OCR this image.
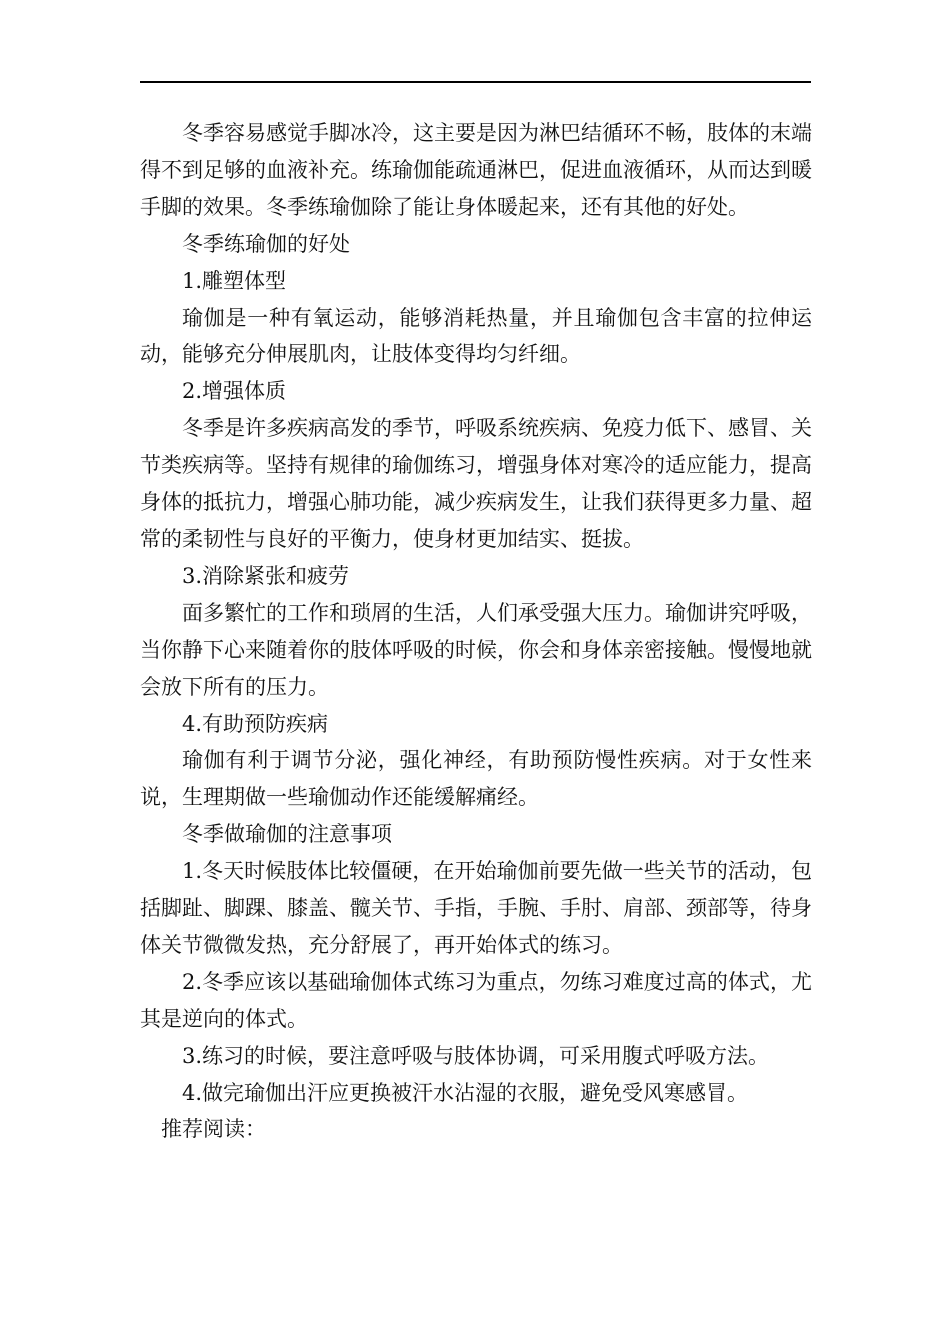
冬季容易感觉手脚冰冷，这主要是因为淋巴结循环不畅，肢体的末端得不到足够的血液补充。练瑜伽能疏通淋巴，促进血液循环，从而达到暖手脚的效果。冬季练瑜伽除了能让身体暖起来，还有其他的好处。

冬季练瑜伽的好处

1.雕塑体型

瑜伽是一种有氧运动，能够消耗热量，并且瑜伽包含丰富的拉伸运动，能够充分伸展肌肉，让肢体变得均匀纤细。

2.增强体质

冬季是许多疾病高发的季节，呼吸系统疾病、免疫力低下、感冒、关节类疾病等。坚持有规律的瑜伽练习，增强身体对寒冷的适应能力，提高身体的抵抗力，增强心肺功能，减少疾病发生，让我们获得更多力量、超常的柔韧性与良好的平衡力，使身材更加结实、挺拔。

3.消除紧张和疲劳

面多繁忙的工作和琐屑的生活，人们承受强大压力。瑜伽讲究呼吸，当你静下心来随着你的肢体呼吸的时候，你会和身体亲密接触。慢慢地就会放下所有的压力。

4.有助预防疾病

瑜伽有利于调节分泌，强化神经，有助预防慢性疾病。对于女性来说，生理期做一些瑜伽动作还能缓解痛经。

冬季做瑜伽的注意事项

1.冬天时候肢体比较僵硬，在开始瑜伽前要先做一些关节的活动，包括脚趾、脚踝、膝盖、髋关节、手指，手腕、手肘、肩部、颈部等，待身体关节微微发热，充分舒展了，再开始体式的练习。

2.冬季应该以基础瑜伽体式练习为重点，勿练习难度过高的体式，尤其是逆向的体式。

3.练习的时候，要注意呼吸与肢体协调，可采用腹式呼吸方法。

4.做完瑜伽出汗应更换被汗水沾湿的衣服，避免受风寒感冒。

推荐阅读：
